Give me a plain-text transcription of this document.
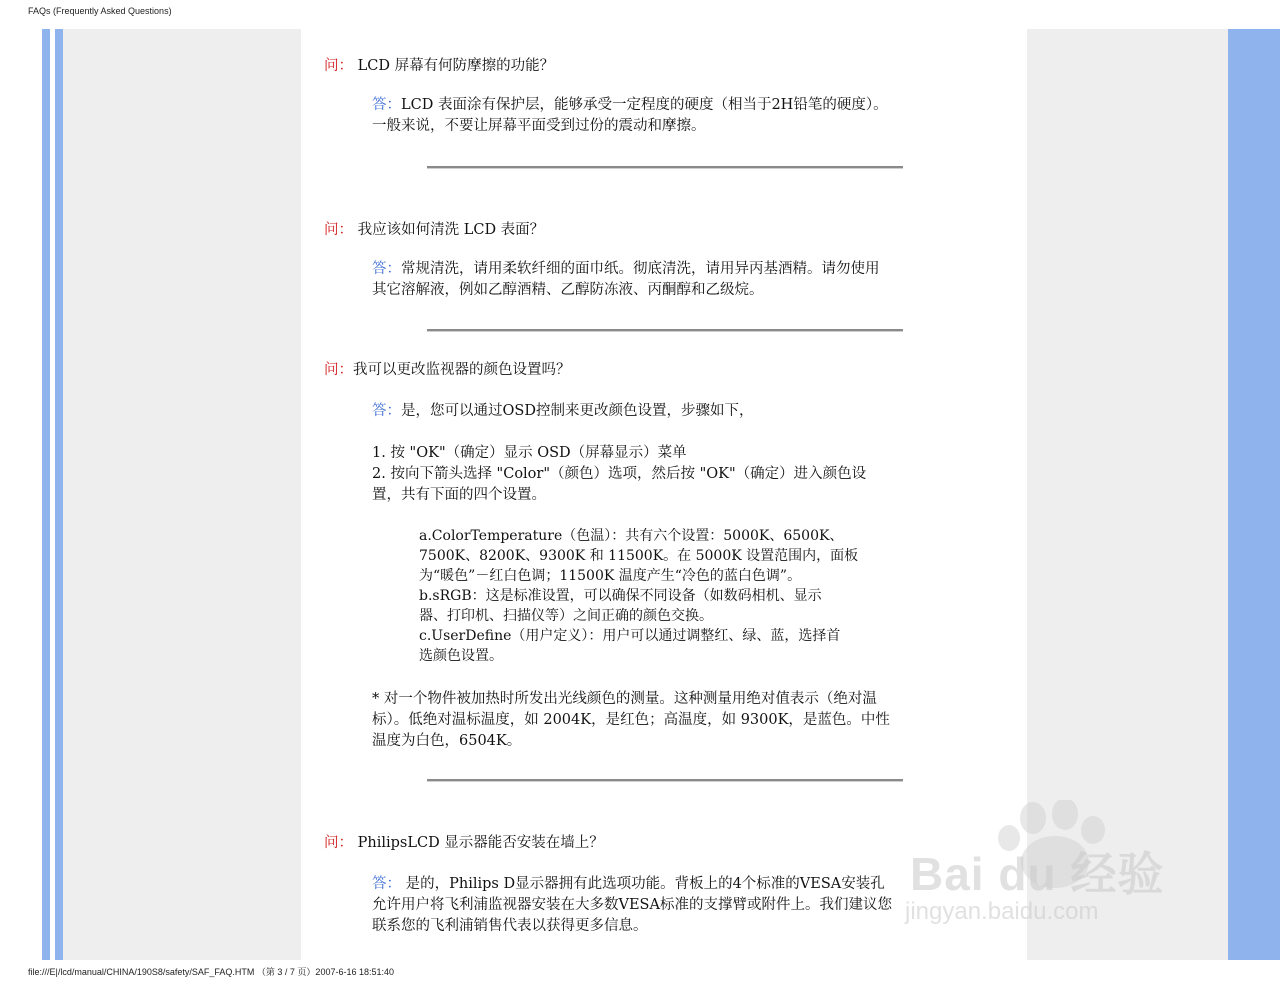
FAQs (Frequently Asked Questions)
问： LCD 屏幕有何防摩擦的功能？
答：LCD 表面涂有保护层，能够承受一定程度的硬度（相当于2H铅笔的硬度）。
一般来说，不要让屏幕平面受到过份的震动和摩擦。
问： 我应该如何清洗 LCD 表面？
答：常规清洗，请用柔软纤细的面巾纸。彻底清洗，请用异丙基酒精。请勿使用
其它溶解液，例如乙醇酒精、乙醇防冻液、丙酮醇和乙级烷。
问：我可以更改监视器的颜色设置吗？
答：是，您可以通过OSD控制来更改颜色设置，步骤如下，
1. 按 "OK"（确定）显示 OSD（屏幕显示）菜单
2. 按向下箭头选择 "Color"（颜色）选项，然后按 "OK"（确定）进入颜色设
置，共有下面的四个设置。
a.ColorTemperature（色温）：共有六个设置：5000K、6500K、
7500K、8200K、9300K 和 11500K。在 5000K 设置范围内，面板
为“暖色”－红白色调；11500K 温度产生“冷色的蓝白色调”。
b.sRGB：这是标准设置，可以确保不同设备（如数码相机、显示
器、打印机、扫描仪等）之间正确的颜色交换。
c.UserDefine（用户定义）：用户可以通过调整红、绿、蓝，选择首
选颜色设置。
* 对一个物件被加热时所发出光线颜色的测量。这种测量用绝对值表示（绝对温
标）。低绝对温标温度，如 2004K，是红色；高温度，如 9300K，是蓝色。中性
温度为白色，6504K。
问： PhilipsLCD 显示器能否安装在墙上？
答： 是的，Philips D显示器拥有此选项功能。背板上的4个标准的VESA安装孔
允许用户将飞利浦监视器安装在大多数VESA标准的支撑臂或附件上。我们建议您
联系您的飞利浦销售代表以获得更多信息。
Bai du 经验
jingyan.baidu.com
file:///E|/lcd/manual/CHINA/190S8/safety/SAF_FAQ.HTM （第 3 / 7 页）2007-6-16 18:51:40
